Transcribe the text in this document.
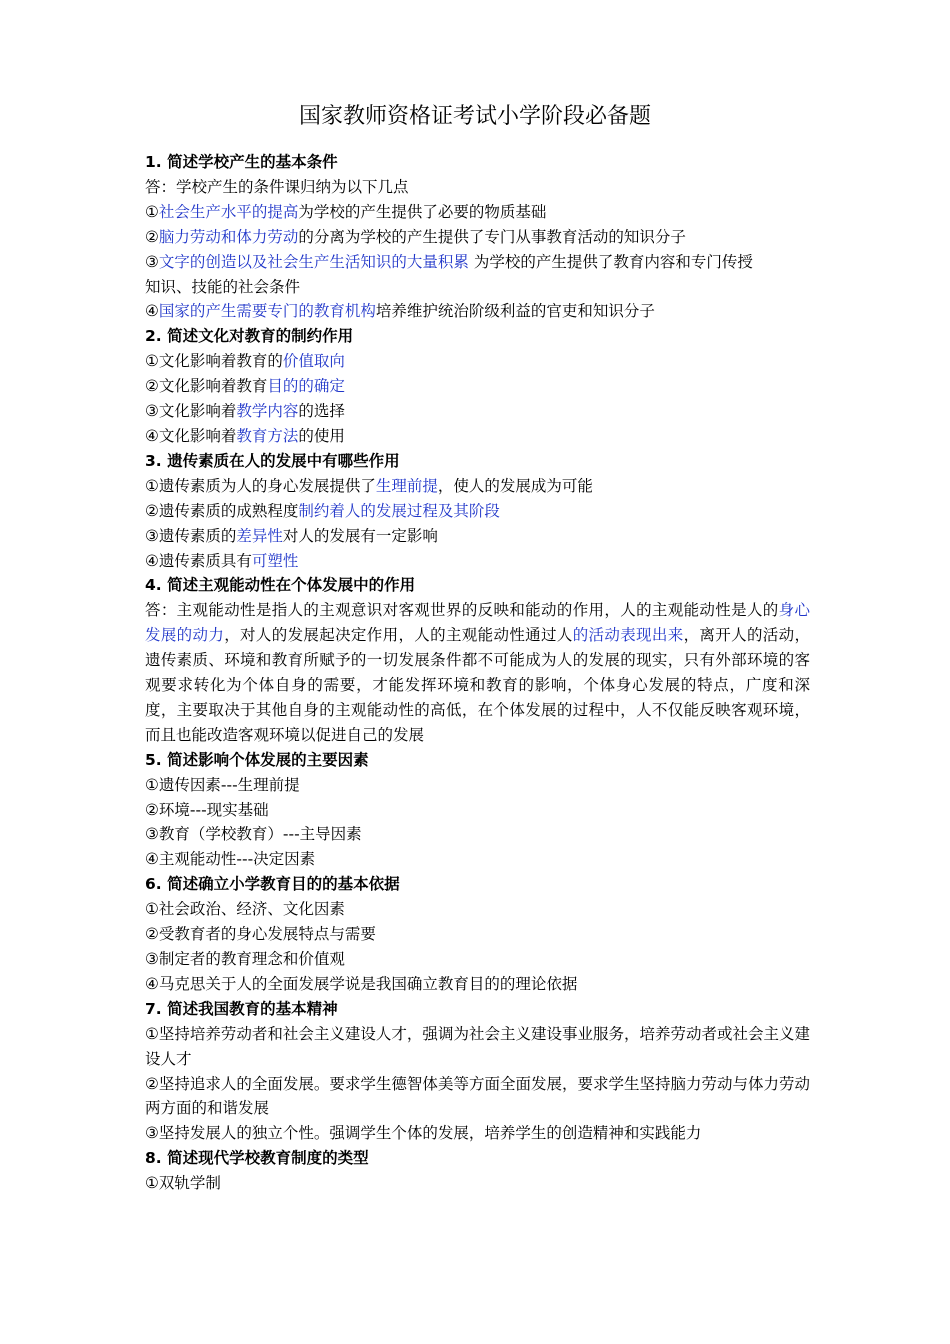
国家教师资格证考试小学阶段必备题
1. 简述学校产生的基本条件
答：学校产生的条件课归纳为以下几点
①社会生产水平的提高为学校的产生提供了必要的物质基础
②脑力劳动和体力劳动的分离为学校的产生提供了专门从事教育活动的知识分子
③文字的创造以及社会生产生活知识的大量积累 为学校的产生提供了教育内容和专门传授
知识、技能的社会条件
④国家的产生需要专门的教育机构培养维护统治阶级利益的官吏和知识分子
2. 简述文化对教育的制约作用
①文化影响着教育的价值取向
②文化影响着教育目的的确定
③文化影响着教学内容的选择
④文化影响着教育方法的使用
3. 遗传素质在人的发展中有哪些作用
①遗传素质为人的身心发展提供了生理前提，使人的发展成为可能
②遗传素质的成熟程度制约着人的发展过程及其阶段
③遗传素质的差异性对人的发展有一定影响
④遗传素质具有可塑性
4. 简述主观能动性在个体发展中的作用
答：主观能动性是指人的主观意识对客观世界的反映和能动的作用，人的主观能动性是人的身心发展的动力，对人的发展起决定作用，人的主观能动性通过人的活动表现出来，离开人的活动，遗传素质、环境和教育所赋予的一切发展条件都不可能成为人的发展的现实，只有外部环境的客观要求转化为个体自身的需要，才能发挥环境和教育的影响，个体身心发展的特点，广度和深度，主要取决于其他自身的主观能动性的高低，在个体发展的过程中，人不仅能反映客观环境，而且也能改造客观环境以促进自己的发展
5. 简述影响个体发展的主要因素
①遗传因素---生理前提
②环境---现实基础
③教育（学校教育）---主导因素
④主观能动性---决定因素
6. 简述确立小学教育目的的基本依据
①社会政治、经济、文化因素
②受教育者的身心发展特点与需要
③制定者的教育理念和价值观
④马克思关于人的全面发展学说是我国确立教育目的的理论依据
7. 简述我国教育的基本精神
①坚持培养劳动者和社会主义建设人才，强调为社会主义建设事业服务，培养劳动者或社会主义建设人才
②坚持追求人的全面发展。要求学生德智体美等方面全面发展，要求学生坚持脑力劳动与体力劳动两方面的和谐发展
③坚持发展人的独立个性。强调学生个体的发展，培养学生的创造精神和实践能力
8. 简述现代学校教育制度的类型
①双轨学制
